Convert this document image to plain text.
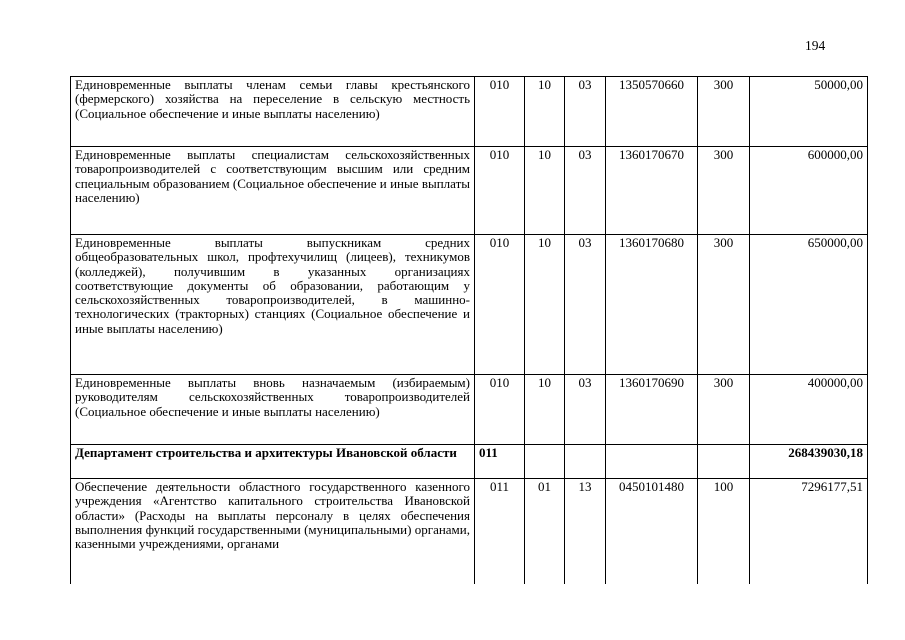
194
Единовременные выплаты членам семьи главы крестьянского (фермерского) хозяйства на переселение в сельскую местность (Социальное обеспечение и иные выплаты населению)	010	10	03	1350570660	300	50000,00

Единовременные выплаты специалистам сельскохозяйственных товаропроизводителей с соответствующим высшим или средним специальным образованием (Социальное обеспечение и иные выплаты населению)	010	10	03	1360170670	300	600000,00

Единовременные выплаты выпускникам средних общеобразовательных школ, профтехучилищ (лицеев), техникумов (колледжей), получившим в указанных организациях соответствующие документы об образовании, работающим у сельскохозяйственных товаропроизводителей, в машинно-технологических (тракторных) станциях (Социальное обеспечение и иные выплаты населению)	010	10	03	1360170680	300	650000,00

Единовременные выплаты вновь назначаемым (избираемым) руководителям сельскохозяйственных товаропроизводителей (Социальное обеспечение и иные выплаты населению)	010	10	03	1360170690	300	400000,00

Департамент строительства и архитектуры Ивановской области	011					268439030,18

Обеспечение деятельности областного государственного казенного учреждения «Агентство капитального строительства Ивановской области» (Расходы на выплаты персоналу в целях обеспечения выполнения функций государственными (муниципальными) органами, казенными учреждениями, органами	011	01	13	0450101480	100	7296177,51
